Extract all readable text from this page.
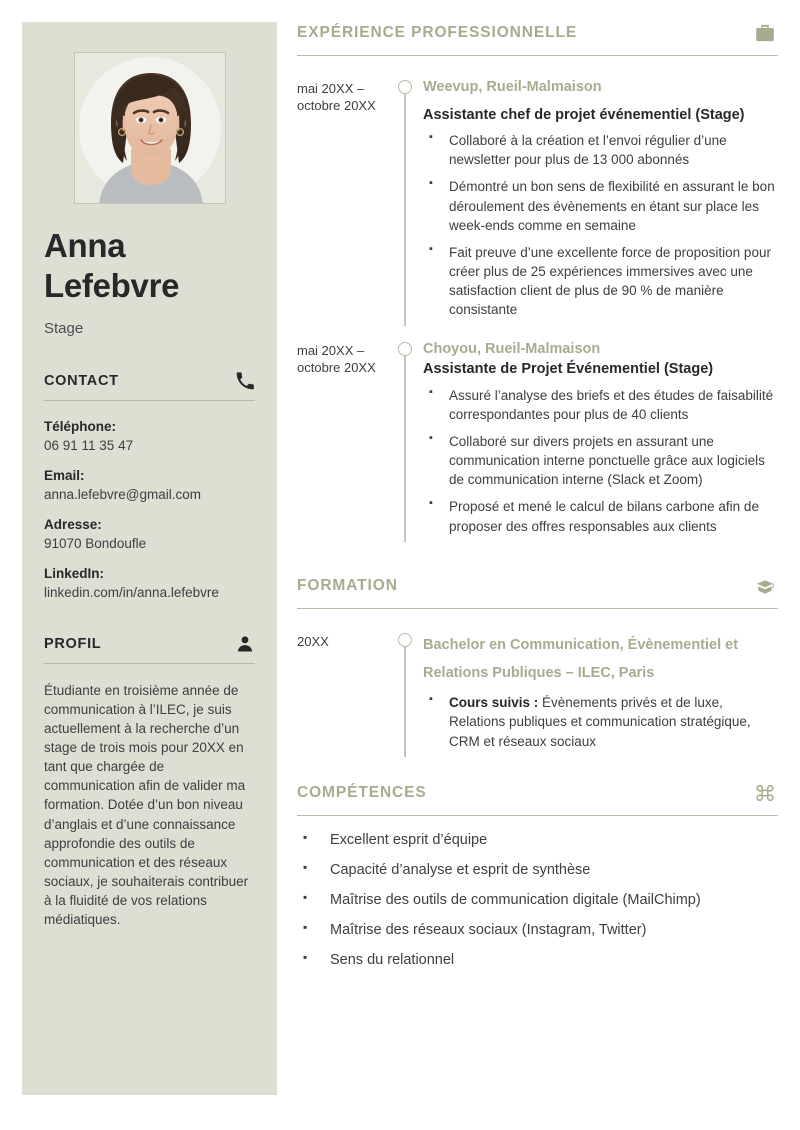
Anna
Lefebvre
Stage
CONTACT
Téléphone:
06 91 11 35 47
Email:
anna.lefebvre@gmail.com
Adresse:
91070 Bondoufle
LinkedIn:
linkedin.com/in/anna.lefebvre
PROFIL

Étudiante en troisième année de communication à l’ILEC, je suis actuellement à la recherche d’un stage de trois mois pour 20XX en tant que chargée de communication afin de valider ma formation. Dotée d’un bon niveau d’anglais et d’une connaissance approfondie des outils de communication et des réseaux sociaux, je souhaiterais contribuer à la fluidité de vos relations médiatiques.

EXPÉRIENCE PROFESSIONNELLE
mai 20XX –
octobre 20XX
Weevup, Rueil-Malmaison
Assistante chef de projet événementiel (Stage)
▪ Collaboré à la création et l’envoi régulier d’une newsletter pour plus de 13 000 abonnés
▪ Démontré un bon sens de flexibilité en assurant le bon déroulement des évènements en étant sur place les week-ends comme en semaine
▪ Fait preuve d’une excellente force de proposition pour créer plus de 25 expériences immersives avec une satisfaction client de plus de 90 % de manière consistante
mai 20XX –
octobre 20XX
Choyou, Rueil-Malmaison
Assistante de Projet Événementiel (Stage)
▪ Assuré l’analyse des briefs et des études de faisabilité correspondantes pour plus de 40 clients
▪ Collaboré sur divers projets en assurant une communication interne ponctuelle grâce aux logiciels de communication interne (Slack et Zoom)
▪ Proposé et mené le calcul de bilans carbone afin de proposer des offres responsables aux clients
FORMATION
20XX	Bachelor en Communication, Évènementiel et Relations Publiques – ILEC, Paris
▪ Cours suivis : Évènements privés et de luxe, Relations publiques et communication stratégique, CRM et réseaux sociaux
COMPÉTENCES
▪ Excellent esprit d’équipe
▪ Capacité d’analyse et esprit de synthèse
▪ Maîtrise des outils de communication digitale (MailChimp)
▪ Maîtrise des réseaux sociaux (Instagram, Twitter)
▪ Sens du relationnel
